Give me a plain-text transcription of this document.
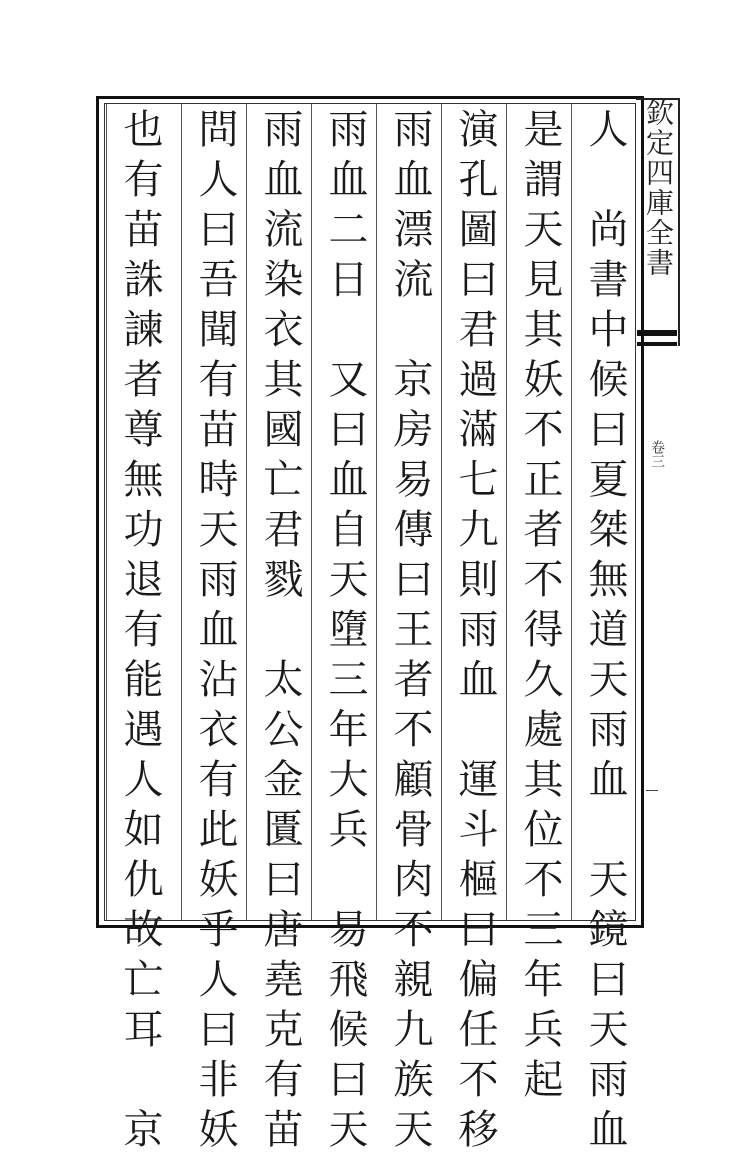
人　尚書中候曰夏桀無道天雨血　天鏡曰天雨血
是謂天見其妖不正者不得久處其位不三年兵起
演孔圖曰君過滿七九則雨血　運斗樞曰偏任不移
雨血漂流　京房易傳曰王者不顧骨肉不親九族天
雨血二日　又曰血自天墮三年大兵　易飛候曰天
雨血流染衣其國亡君戮　太公金匱曰唐堯克有苗
問人曰吾聞有苗時天雨血沾衣有此妖乎人曰非妖
也有苗誅諫者尊無功退有能遇人如仇故亡耳　京	欽定四庫全書
卷三
